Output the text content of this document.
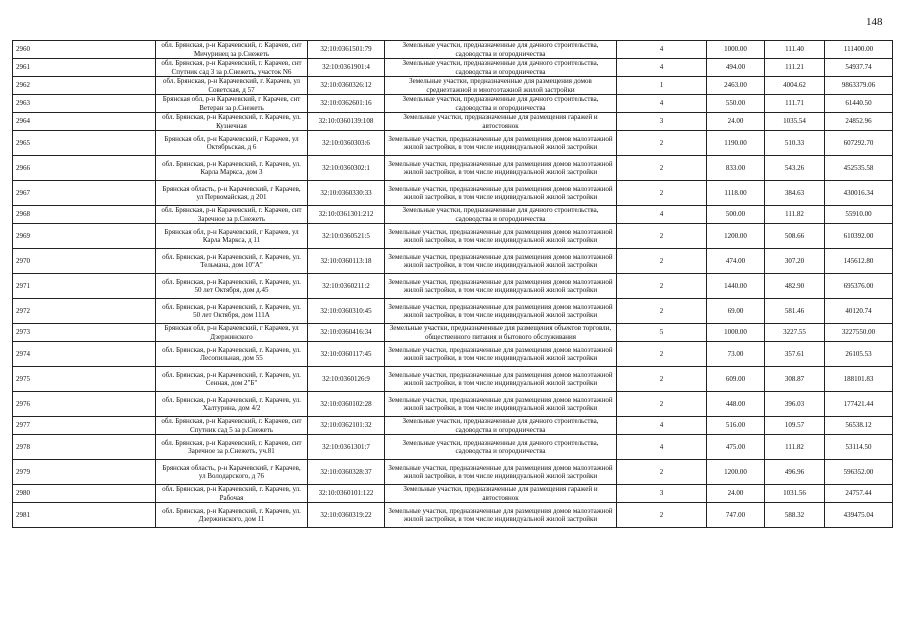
148
2960	обл. Брянская, р-н Карачевский, г. Карачев, снт Мичуринец за р.Снежеть	32:10:0361501:79	Земельные участки, предназначенные для дачного строительства, садоводства и огородничества	4	1000.00	111.40	111400.00
2961	обл. Брянская, р-н Карачевский, г. Карачев, снт Спутник сад 3 за р.Снежеть, участок N6	32:10:0361901:4	Земельные участки, предназначенные для дачного строительства, садоводства и огородничества	4	494.00	111.21	54937.74
2962	обл. Брянская, р-н Карачевский, г. Карачев, ул Советская, д 57	32:10:0360326:12	Земельные участки, предназначенные для размещения домов среднеэтажной и многоэтажной жилой застройки	1	2463.00	4004.62	9863379.06
2963	Брянская обл, р-н Карачевский, г Карачев, снт Ветеран за р.Снежеть	32:10:0362601:16	Земельные участки, предназначенные для дачного строительства, садоводства и огородничества	4	550.00	111.71	61440.50
2964	обл. Брянская, р-н Карачевский, г. Карачев, ул. Кузнечная	32:10:0360139:108	Земельные участки, предназначенные для размещения гаражей и автостоянок	3	24.00	1035.54	24852.96
2965	Брянская обл, р-н Карачевский, г Карачев, ул Октябрьская, д 6	32:10:0360303:6	Земельные участки, предназначенные для размещения домов малоэтажной жилой застройки, в том числе индивидуальной жилой застройки	2	1190.00	510.33	607292.70
2966	обл. Брянская, р-н Карачевский, г. Карачев, ул. Карла Маркса, дом 3	32:10:0360302:1	Земельные участки, предназначенные для размещения домов малоэтажной жилой застройки, в том числе индивидуальной жилой застройки	2	833.00	543.26	452535.58
2967	Брянская область, р-н Карачевский, г Карачев, ул Первомайская, д 201	32:10:0360330:33	Земельные участки, предназначенные для размещения домов малоэтажной жилой застройки, в том числе индивидуальной жилой застройки	2	1118.00	384.63	430016.34
2968	обл. Брянская, р-н Карачевский, г. Карачев, снт Заречное за р.Снежеть	32:10:0361301:212	Земельные участки, предназначенные для дачного строительства, садоводства и огородничества	4	500.00	111.82	55910.00
2969	Брянская обл, р-н Карачевский, г Карачев, ул Карла Маркса, д 11	32:10:0360521:5	Земельные участки, предназначенные для размещения домов малоэтажной жилой застройки, в том числе индивидуальной жилой застройки	2	1200.00	508.66	610392.00
2970	обл. Брянская, р-н Карачевский, г. Карачев, ул. Тельмана, дом 10"А"	32:10:0360113:18	Земельные участки, предназначенные для размещения домов малоэтажной жилой застройки, в том числе индивидуальной жилой застройки	2	474.00	307.20	145612.80
2971	обл. Брянская, р-н Карачевский, г. Карачев, ул. 50 лет Октября, дом д.45	32:10:0360211:2	Земельные участки, предназначенные для размещения домов малоэтажной жилой застройки, в том числе индивидуальной жилой застройки	2	1440.00	482.90	695376.00
2972	обл. Брянская, р-н Карачевский, г. Карачев, ул. 50 лет Октября, дом 111А	32:10:0360310:45	Земельные участки, предназначенные для размещения домов малоэтажной жилой застройки, в том числе индивидуальной жилой застройки	2	69.00	581.46	40120.74
2973	Брянская обл, р-н Карачевский, г Карачев, ул Дзержинского	32:10:0360416:34	Земельные участки, предназначенные для размещения объектов торговли, общественного питания и бытового обслуживания	5	1000.00	3227.55	3227550.00
2974	обл. Брянская, р-н Карачевский, г. Карачев, ул. Лесопильная, дом 55	32:10:0360117:45	Земельные участки, предназначенные для размещения домов малоэтажной жилой застройки, в том числе индивидуальной жилой застройки	2	73.00	357.61	26105.53
2975	обл. Брянская, р-н Карачевский, г. Карачев, ул. Сенная, дом 2"Б"	32:10:0360126:9	Земельные участки, предназначенные для размещения домов малоэтажной жилой застройки, в том числе индивидуальной жилой застройки	2	609.00	308.87	188101.83
2976	обл. Брянская, р-н Карачевский, г. Карачев, ул. Халтурина, дом 4/2	32:10:0360102:28	Земельные участки, предназначенные для размещения домов малоэтажной жилой застройки, в том числе индивидуальной жилой застройки	2	448.00	396.03	177421.44
2977	обл. Брянская, р-н Карачевский, г. Карачев, снт Спутник сад 5 за р.Снежеть	32:10:0362101:32	Земельные участки, предназначенные для дачного строительства, садоводства и огородничества	4	516.00	109.57	56538.12
2978	обл. Брянская, р-н Карачевский, г. Карачев, снт Заречное за р.Снежеть, уч.81	32:10:0361301:7	Земельные участки, предназначенные для дачного строительства, садоводства и огородничества	4	475.00	111.82	53114.50
2979	Брянская область, р-н Карачевский, г Карачев, ул Володарского, д 76	32:10:0360328:37	Земельные участки, предназначенные для размещения домов малоэтажной жилой застройки, в том числе индивидуальной жилой застройки	2	1200.00	496.96	596352.00
2980	обл. Брянская, р-н Карачевский, г. Карачев, ул. Рабочая	32:10:0360101:122	Земельные участки, предназначенные для размещения гаражей и автостоянок	3	24.00	1031.56	24757.44
2981	обл. Брянская, р-н Карачевский, г. Карачев, ул. Дзержинского, дом 11	32:10:0360319:22	Земельные участки, предназначенные для размещения домов малоэтажной жилой застройки, в том числе индивидуальной жилой застройки	2	747.00	588.32	439475.04
